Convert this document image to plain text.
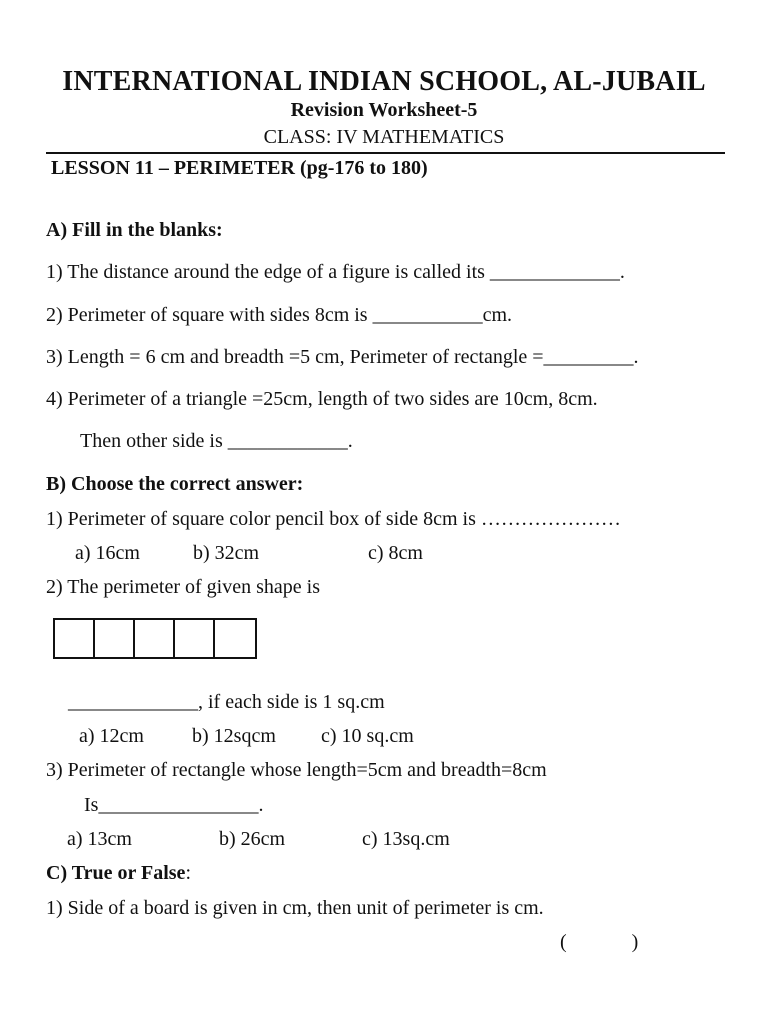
INTERNATIONAL INDIAN SCHOOL, AL-JUBAIL
Revision Worksheet-5
CLASS: IV MATHEMATICS
LESSON 11 – PERIMETER (pg-176 to 180)
A) Fill in the blanks:
1) The distance around the edge of a figure is called its _____________.
2) Perimeter of square with sides 8cm is ___________cm.
3) Length = 6 cm and breadth =5 cm, Perimeter of rectangle =_________.
4) Perimeter of a triangle =25cm, length of two sides are 10cm, 8cm.
Then other side is ____________.
B) Choose the correct answer:
1) Perimeter of square color pencil box of side 8cm is …………………
a) 16cm	b) 32cm	c) 8cm
2) The perimeter of given shape is
_____________, if each side is 1 sq.cm
a) 12cm b) 12sqcm c) 10 sq.cm
3) Perimeter of rectangle whose length=5cm and breadth=8cm
Is________________.
a) 13cm	b) 26cm	c) 13sq.cm
C) True or False:
1) Side of a board is given in cm, then unit of perimeter is cm.
(             )
